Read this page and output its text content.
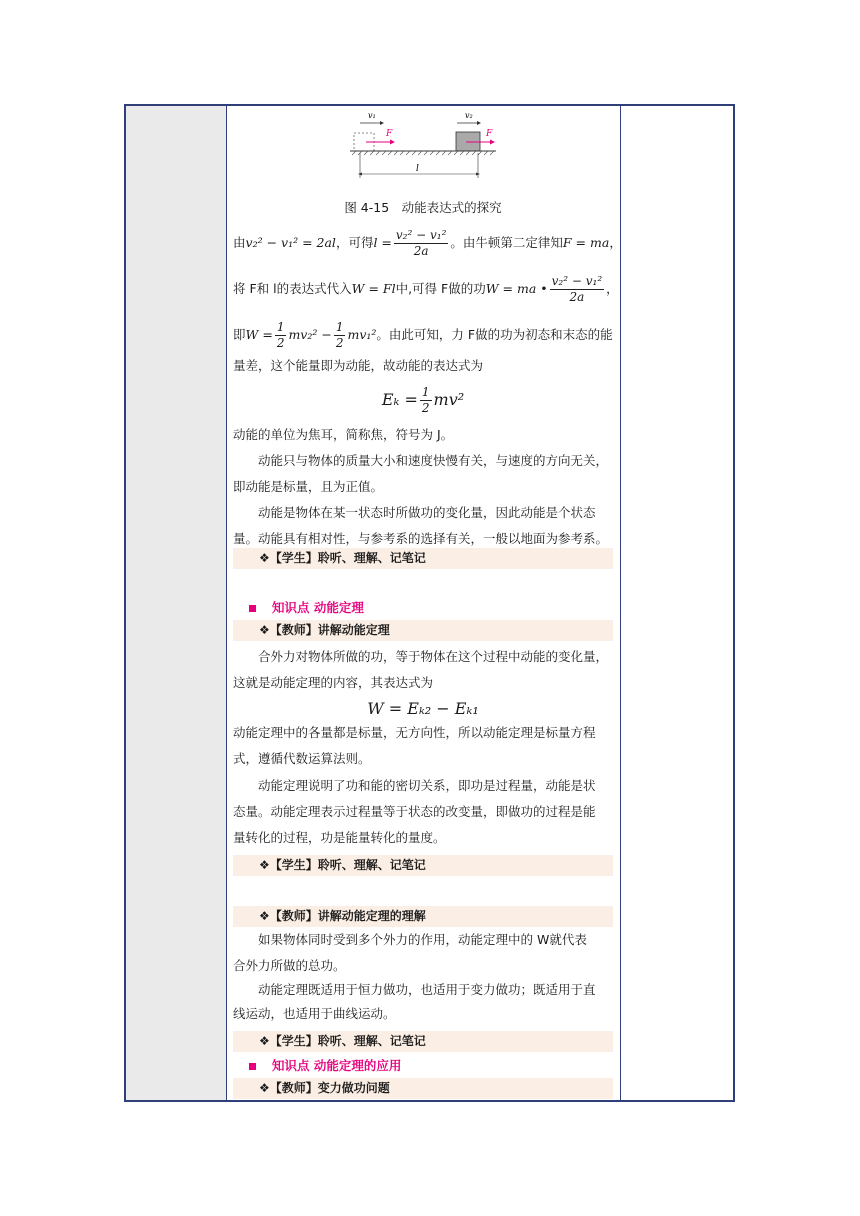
v₁	v₂
F	F
l
图 4-15　动能表达式的探究
由v₂² − v₁² = 2al，可得$l = \frac{\text{v₂² − v₁²}}{2a}$ 。由牛顿第二定律知F = ma，
将 F和 l的表达式代入W = Fl中,可得 F做的功W = ma • $\frac{\text{v₂² − v₁²}}{2a}$ ，
即$W = \frac{1}{2} mv_2^2 - \frac{1}{2} mv_1^2$。由此可知，力 F做的功为初态和末态的能
量差，这个能量即为动能，故动能的表达式为
$E_k = \frac{1}{2} mv^2$
动能的单位为焦耳，简称焦，符号为 J。
动能只与物体的质量大小和速度快慢有关，与速度的方向无关，
即动能是标量，且为正值。
动能是物体在某一状态时所做功的变化量，因此动能是个状态
量。动能具有相对性，与参考系的选择有关，一般以地面为参考系。
❖【学生】聆听、理解、记笔记
知识点 动能定理
❖【教师】讲解动能定理
合外力对物体所做的功，等于物体在这个过程中动能的变化量，
这就是动能定理的内容，其表达式为
W = Eₖ₂ − Eₖ₁
动能定理中的各量都是标量，无方向性，所以动能定理是标量方程
式，遵循代数运算法则。
动能定理说明了功和能的密切关系，即功是过程量，动能是状
态量。动能定理表示过程量等于状态的改变量，即做功的过程是能
量转化的过程，功是能量转化的量度。
❖【学生】聆听、理解、记笔记
❖【教师】讲解动能定理的理解
如果物体同时受到多个外力的作用，动能定理中的 W就代表
合外力所做的总功。
动能定理既适用于恒力做功，也适用于变力做功；既适用于直
线运动，也适用于曲线运动。
❖【学生】聆听、理解、记笔记
知识点 动能定理的应用
❖【教师】变力做功问题
